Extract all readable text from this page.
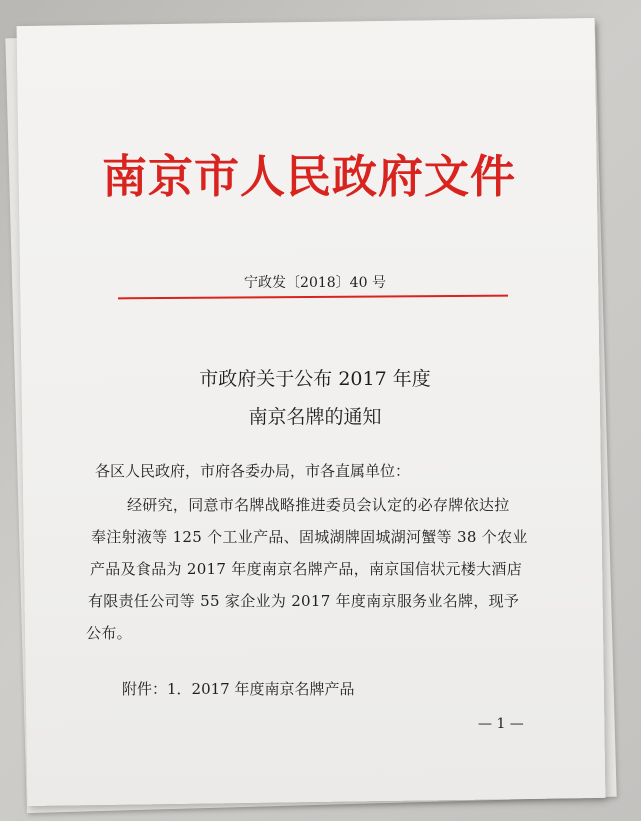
南京市人民政府文件
宁政发〔2018〕40 号
市政府关于公布 2017 年度
南京名牌的通知
各区人民政府，市府各委办局，市各直属单位：
经研究，同意市名牌战略推进委员会认定的必存牌依达拉
奉注射液等 125 个工业产品、固城湖牌固城湖河蟹等 38 个农业
产品及食品为 2017 年度南京名牌产品，南京国信状元楼大酒店
有限责任公司等 55 家企业为 2017 年度南京服务业名牌，现予
公布。
附件：1．2017 年度南京名牌产品
— 1 —
